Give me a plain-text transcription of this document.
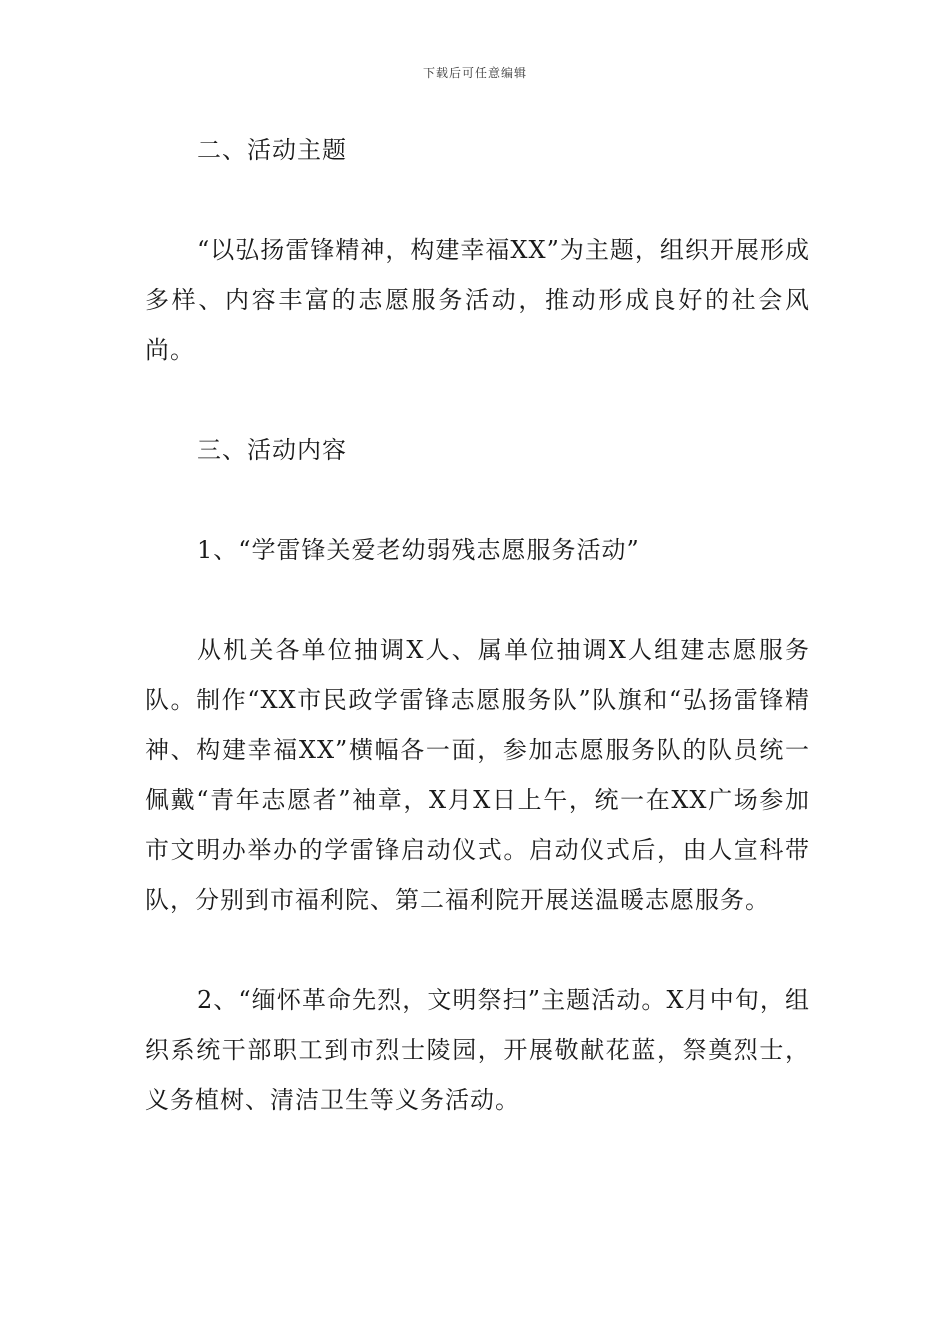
下载后可任意编辑

二、活动主题

“以弘扬雷锋精神，构建幸福XX”为主题，组织开展形成多样、内容丰富的志愿服务活动，推动形成良好的社会风尚。

三、活动内容

1、“学雷锋关爱老幼弱残志愿服务活动”

从机关各单位抽调X人、属单位抽调X人组建志愿服务队。制作“XX市民政学雷锋志愿服务队”队旗和“弘扬雷锋精神、构建幸福XX”横幅各一面，参加志愿服务队的队员统一佩戴“青年志愿者”袖章，X月X日上午，统一在XX广场参加市文明办举办的学雷锋启动仪式。启动仪式后，由人宣科带队，分别到市福利院、第二福利院开展送温暖志愿服务。

2、“缅怀革命先烈，文明祭扫”主题活动。X月中旬，组织系统干部职工到市烈士陵园，开展敬献花蓝，祭奠烈士，义务植树、清洁卫生等义务活动。
